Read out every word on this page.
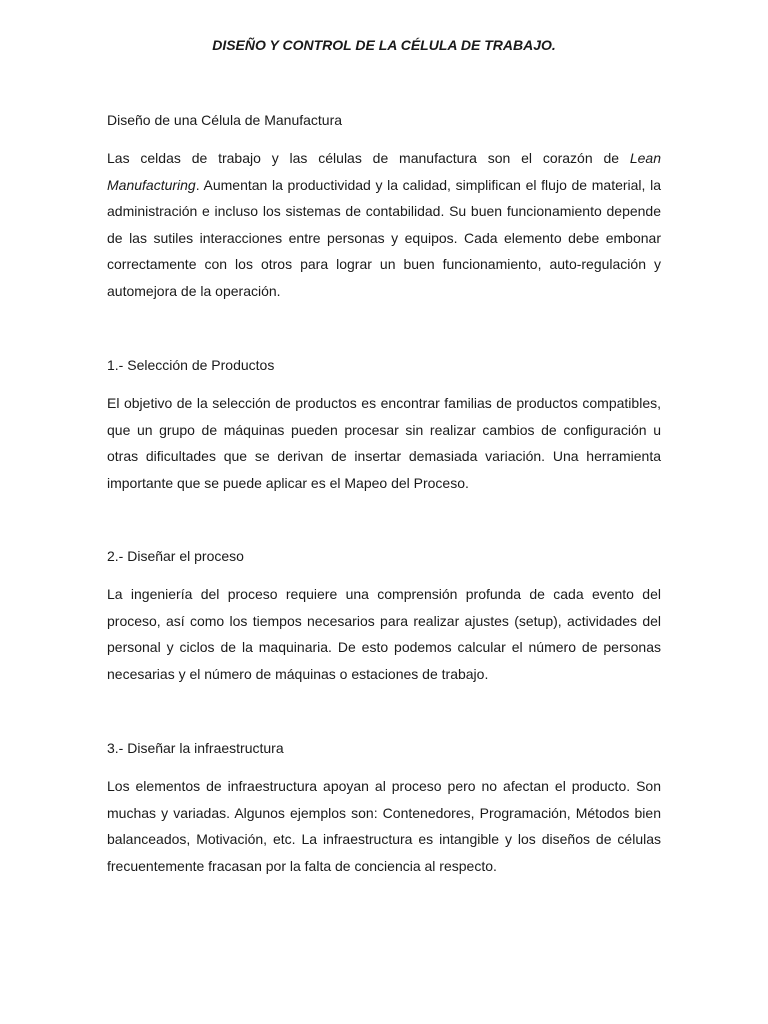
DISEÑO Y CONTROL DE LA CÉLULA DE TRABAJO.
Diseño de una Célula de Manufactura

Las celdas de trabajo y las células de manufactura son el corazón de Lean Manufacturing. Aumentan la productividad y la calidad, simplifican el flujo de material, la administración e incluso los sistemas de contabilidad. Su buen funcionamiento depende de las sutiles interacciones entre personas y equipos. Cada elemento debe embonar correctamente con los otros para lograr un buen funcionamiento, auto-regulación y automejora de la operación.

1.- Selección de Productos

El objetivo de la selección de productos es encontrar familias de productos compatibles, que un grupo de máquinas pueden procesar sin realizar cambios de configuración u otras dificultades que se derivan de insertar demasiada variación. Una herramienta importante que se puede aplicar es el Mapeo del Proceso.

2.- Diseñar el proceso

La ingeniería del proceso requiere una comprensión profunda de cada evento del proceso, así como los tiempos necesarios para realizar ajustes (setup), actividades del personal y ciclos de la maquinaria. De esto podemos calcular el número de personas necesarias y el número de máquinas o estaciones de trabajo.

3.- Diseñar la infraestructura

Los elementos de infraestructura apoyan al proceso pero no afectan el producto. Son muchas y variadas. Algunos ejemplos son: Contenedores, Programación, Métodos bien balanceados, Motivación, etc. La infraestructura es intangible y los diseños de células frecuentemente fracasan por la falta de conciencia al respecto.
